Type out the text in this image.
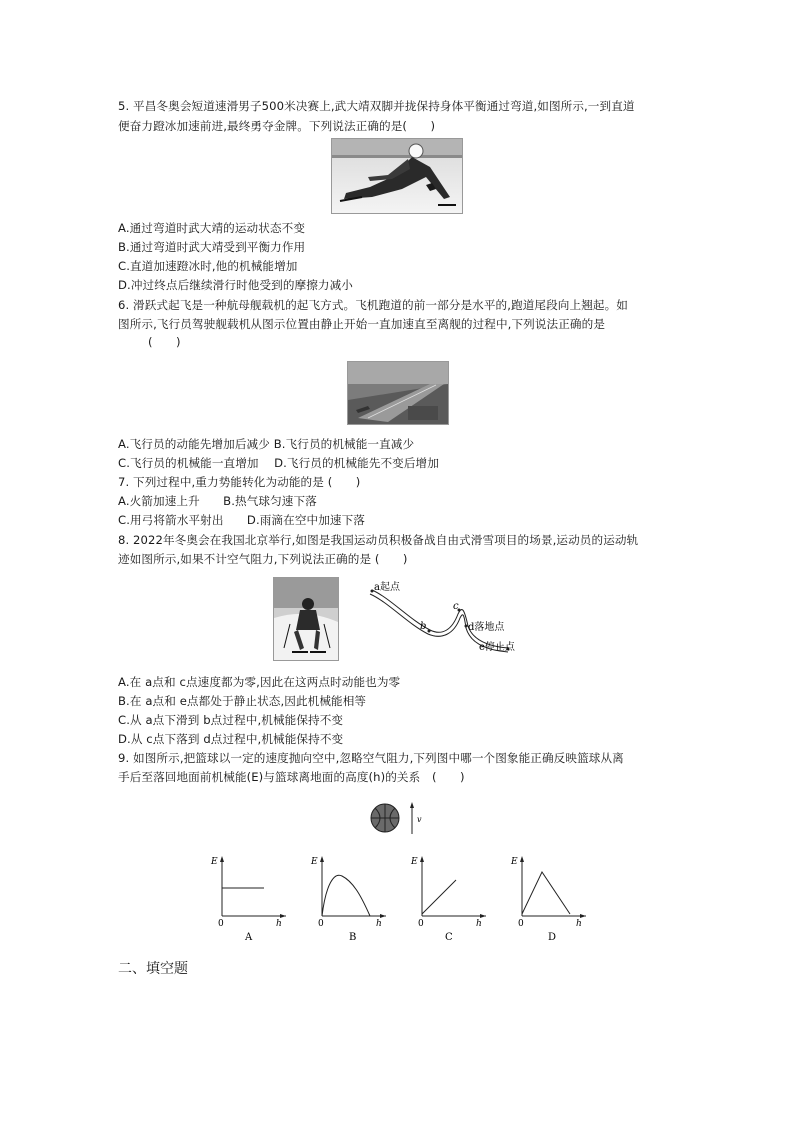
5. 平昌冬奥会短道速滑男子500米决赛上,武大靖双脚并拢保持身体平衡通过弯道,如图所示,一到直道
便奋力蹬冰加速前进,最终勇夺金牌。下列说法正确的是(　　)
A.通过弯道时武大靖的运动状态不变
B.通过弯道时武大靖受到平衡力作用
C.直道加速蹬冰时,他的机械能增加
D.冲过终点后继续滑行时他受到的摩擦力减小
6. 滑跃式起飞是一种航母舰载机的起飞方式。飞机跑道的前一部分是水平的,跑道尾段向上翘起。如
图所示,飞行员驾驶舰载机从图示位置由静止开始一直加速直至离舰的过程中,下列说法正确的是
(　　)
A.飞行员的动能先增加后减少 B.飞行员的机械能一直减少
C.飞行员的机械能一直增加　 D.飞行员的机械能先不变后增加
7. 下列过程中,重力势能转化为动能的是 (　　)
A.火箭加速上升　　B.热气球匀速下落
C.用弓将箭水平射出　　D.雨滴在空中加速下落
8. 2022年冬奥会在我国北京举行,如图是我国运动员积极备战自由式滑雪项目的场景,运动员的运动轨
迹如图所示,如果不计空气阻力,下列说法正确的是 (　　)
a起点
b
c
d落地点
e停止点
A.在 a点和 c点速度都为零,因此在这两点时动能也为零
B.在 a点和 e点都处于静止状态,因此机械能相等
C.从 a点下滑到 b点过程中,机械能保持不变
D.从 c点下落到 d点过程中,机械能保持不变
9. 如图所示,把篮球以一定的速度抛向空中,忽略空气阻力,下列图中哪一个图象能正确反映篮球从离
手后至落回地面前机械能(E)与篮球离地面的高度(h)的关系　(　　)
v
E
0	h
A
E
0	h
B
E
0	h
C
E
0	h
D
二、填空题
